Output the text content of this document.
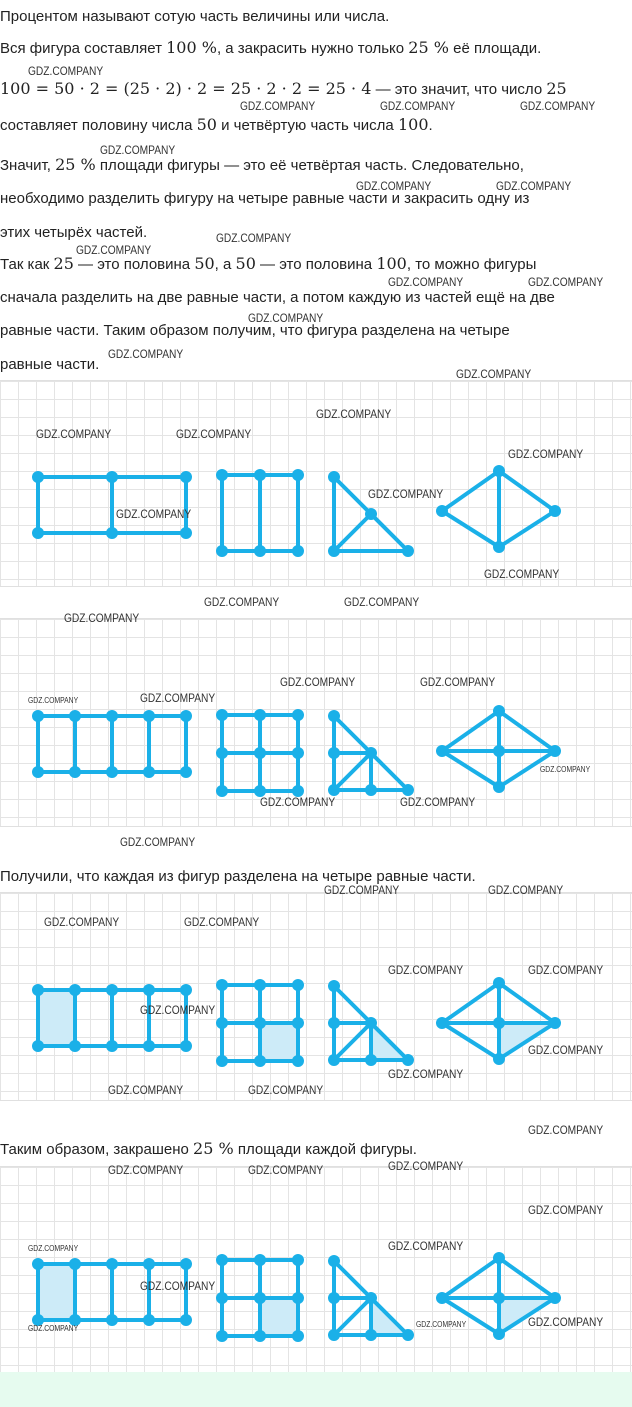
Процентом называют сотую часть величины или числа.
Вся фигура составляет 100 %, а закрасить нужно только 25 % её площади.
100 = 50 · 2 = (25 · 2) · 2 = 25 · 2 · 2 = 25 · 4 — это значит, что число 25
составляет половину числа 50 и четвёртую часть числа 100.
Значит, 25 % площади фигуры — это её четвёртая часть. Следовательно,
необходимо разделить фигуру на четыре равные части и закрасить одну из
этих четырёх частей.
Так как 25 — это половина 50, а 50 — это половина 100, то можно фигуры
сначала разделить на две равные части, а потом каждую из частей ещё на две
равные части. Таким образом получим, что фигура разделена на четыре
равные части.
Получили, что каждая из фигур разделена на четыре равные части.
Таким образом, закрашено 25 % площади каждой фигуры.
GDZ.COMPANY
GDZ.COMPANY	GDZ.COMPANY	GDZ.COMPANY
GDZ.COMPANY
GDZ.COMPANY	GDZ.COMPANY
GDZ.COMPANY
GDZ.COMPANY
GDZ.COMPANY	GDZ.COMPANY
GDZ.COMPANY
GDZ.COMPANY
GDZ.COMPANY
GDZ.COMPANY
GDZ.COMPANY	GDZ.COMPANY
GDZ.COMPANY
GDZ.COMPANY
GDZ.COMPANY
GDZ.COMPANY
GDZ.COMPANY	GDZ.COMPANY
GDZ.COMPANY
GDZ.COMPANY	GDZ.COMPANY
GDZ.COMPANY	GDZ.COMPANY
GDZ.COMPANY
GDZ.COMPANY	GDZ.COMPANY
GDZ.COMPANY
GDZ.COMPANY	GDZ.COMPANY
GDZ.COMPANY	GDZ.COMPANY
GDZ.COMPANY	GDZ.COMPANY
GDZ.COMPANY
GDZ.COMPANY
GDZ.COMPANY
GDZ.COMPANY	GDZ.COMPANY
GDZ.COMPANY
GDZ.COMPANY	GDZ.COMPANY	GDZ.COMPANY
GDZ.COMPANY
GDZ.COMPANY	GDZ.COMPANY
GDZ.COMPANY
GDZ.COMPANY	GDZ.COMPANY
GDZ.COMPANY
